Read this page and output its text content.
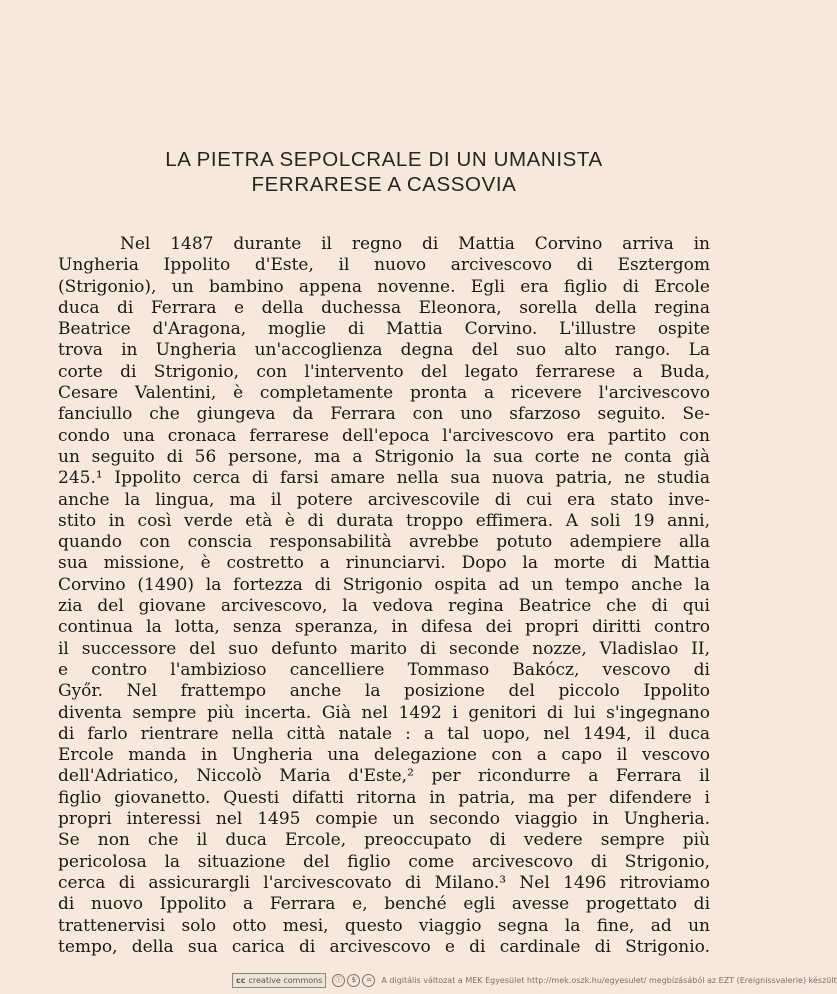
LA PIETRA SEPOLCRALE DI UN UMANISTA
FERRARESE A CASSOVIA
Nel 1487 durante il regno di Mattia Corvino arriva in
Ungheria Ippolito d'Este, il nuovo arcivescovo di Esztergom
(Strigonio), un bambino appena novenne. Egli era figlio di Ercole
duca di Ferrara e della duchessa Eleonora, sorella della regina
Beatrice d'Aragona, moglie di Mattia Corvino. L'illustre ospite
trova in Ungheria un'accoglienza degna del suo alto rango. La
corte di Strigonio, con l'intervento del legato ferrarese a Buda,
Cesare Valentini, è completamente pronta a ricevere l'arcivescovo
fanciullo che giungeva da Ferrara con uno sfarzoso seguito. Se-
condo una cronaca ferrarese dell'epoca l'arcivescovo era partito con
un seguito di 56 persone, ma a Strigonio la sua corte ne conta già
245.¹ Ippolito cerca di farsi amare nella sua nuova patria, ne studia
anche la lingua, ma il potere arcivescovile di cui era stato inve-
stito in così verde età è di durata troppo effimera. A soli 19 anni,
quando con conscia responsabilità avrebbe potuto adempiere alla
sua missione, è costretto a rinunciarvi. Dopo la morte di Mattia
Corvino (1490) la fortezza di Strigonio ospita ad un tempo anche la
zia del giovane arcivescovo, la vedova regina Beatrice che di qui
continua la lotta, senza speranza, in difesa dei propri diritti contro
il successore del suo defunto marito di seconde nozze, Vladislao II,
e contro l'ambizioso cancelliere Tommaso Bakócz, vescovo di
Győr. Nel frattempo anche la posizione del piccolo Ippolito
diventa sempre più incerta. Già nel 1492 i genitori di lui s'ingegnano
di farlo rientrare nella città natale : a tal uopo, nel 1494, il duca
Ercole manda in Ungheria una delegazione con a capo il vescovo
dell'Adriatico, Niccolò Maria d'Este,² per ricondurre a Ferrara il
figlio giovanetto. Questi difatti ritorna in patria, ma per difendere i
propri interessi nel 1495 compie un secondo viaggio in Ungheria.
Se non che il duca Ercole, preoccupato di vedere sempre più
pericolosa la situazione del figlio come arcivescovo di Strigonio,
cerca di assicurargli l'arcivescovato di Milano.³ Nel 1496 ritroviamo
di nuovo Ippolito a Ferrara e, benché egli avesse progettato di
trattenervisi solo otto mesi, questo viaggio segna la fine, ad un
tempo, della sua carica di arcivescovo e di cardinale di Strigonio.
cc creative commons	ⓘ	$	=	A digitális változat a MEK Egyesület http://mek.oszk.hu/egyesulet/ megbízásából az EZT (Ereignissvalerie) készült
